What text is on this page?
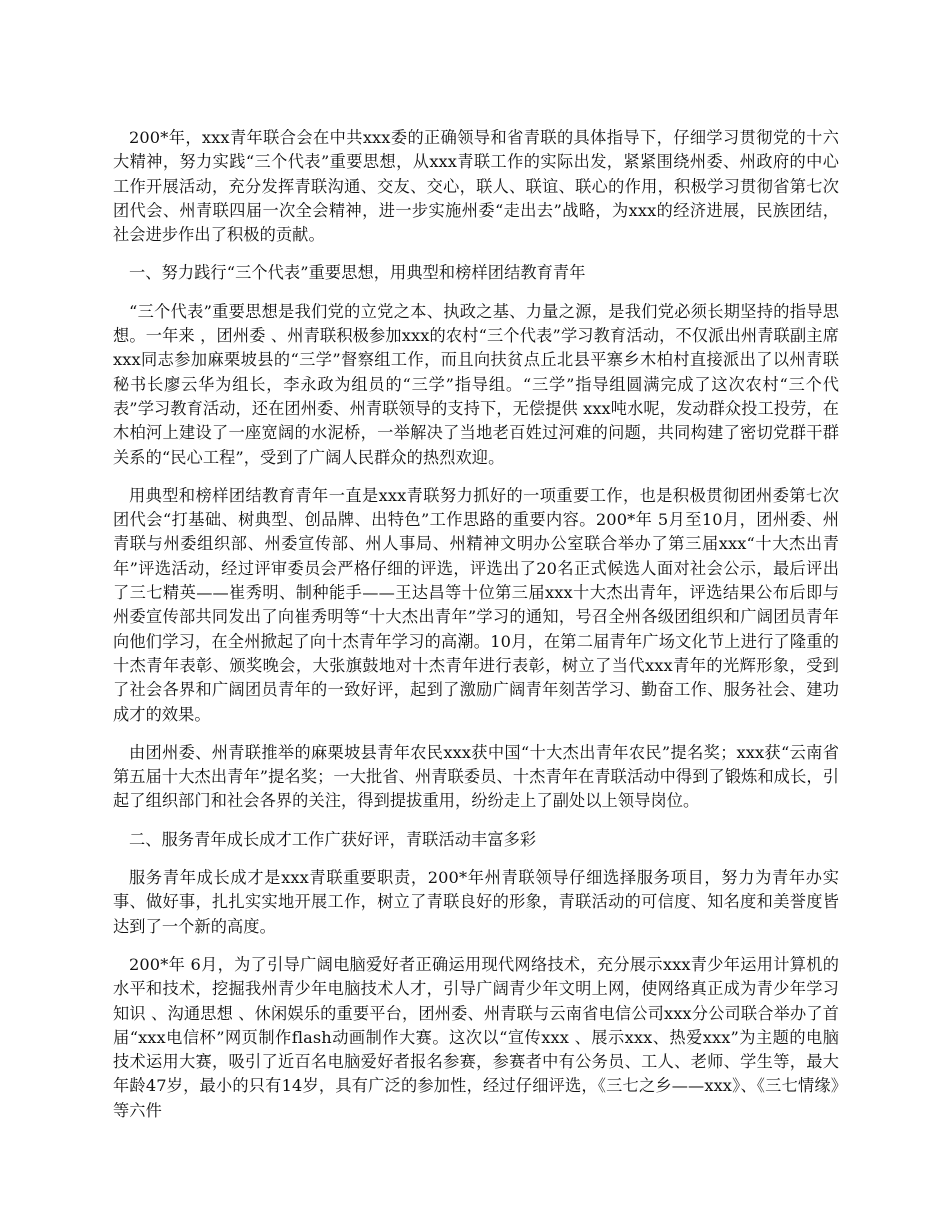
200*年，xxx青年联合会在中共xxx委的正确领导和省青联的具体指导下，仔细学习贯彻党的十六大精神，努力实践“三个代表”重要思想，从xxx青联工作的实际出发，紧紧围绕州委、州政府的中心工作开展活动，充分发挥青联沟通、交友、交心，联人、联谊、联心的作用，积极学习贯彻省第七次团代会、州青联四届一次全会精神，进一步实施州委“走出去”战略，为xxx的经济进展，民族团结，社会进步作出了积极的贡献。

一、努力践行“三个代表”重要思想，用典型和榜样团结教育青年

“三个代表”重要思想是我们党的立党之本、执政之基、力量之源，是我们党必须长期坚持的指导思想。一年来 ，团州委 、州青联积极参加xxx的农村“三个代表”学习教育活动，不仅派出州青联副主席xxx同志参加麻栗坡县的“三学”督察组工作，而且向扶贫点丘北县平寨乡木柏村直接派出了以州青联秘书长廖云华为组长，李永政为组员的“三学”指导组。“三学”指导组圆满完成了这次农村“三个代表”学习教育活动，还在团州委、州青联领导的支持下，无偿提供 xxx吨水呢，发动群众投工投劳，在木柏河上建设了一座宽阔的水泥桥，一举解决了当地老百姓过河难的问题，共同构建了密切党群干群关系的“民心工程”，受到了广阔人民群众的热烈欢迎。

用典型和榜样团结教育青年一直是xxx青联努力抓好的一项重要工作，也是积极贯彻团州委第七次团代会“打基础、树典型、创品牌、出特色”工作思路的重要内容。200*年 5月至10月，团州委、州青联与州委组织部、州委宣传部、州人事局、州精神文明办公室联合举办了第三届xxx“十大杰出青年”评选活动，经过评审委员会严格仔细的评选，评选出了20名正式候选人面对社会公示，最后评出了三七精英——崔秀明、制种能手——王达昌等十位第三届xxx十大杰出青年，评选结果公布后即与州委宣传部共同发出了向崔秀明等“十大杰出青年”学习的通知，号召全州各级团组织和广阔团员青年向他们学习，在全州掀起了向十杰青年学习的高潮。10月，在第二届青年广场文化节上进行了隆重的十杰青年表彰、颁奖晚会，大张旗鼓地对十杰青年进行表彰，树立了当代xxx青年的光辉形象，受到了社会各界和广阔团员青年的一致好评，起到了激励广阔青年刻苦学习、勤奋工作、服务社会、建功成才的效果。

由团州委、州青联推举的麻栗坡县青年农民xxx获中国“十大杰出青年农民”提名奖；xxx获“云南省第五届十大杰出青年”提名奖；一大批省、州青联委员、十杰青年在青联活动中得到了锻炼和成长，引起了组织部门和社会各界的关注，得到提拔重用，纷纷走上了副处以上领导岗位。

二、服务青年成长成才工作广获好评，青联活动丰富多彩

服务青年成长成才是xxx青联重要职责，200*年州青联领导仔细选择服务项目，努力为青年办实事、做好事，扎扎实实地开展工作，树立了青联良好的形象，青联活动的可信度、知名度和美誉度皆达到了一个新的高度。

200*年 6月，为了引导广阔电脑爱好者正确运用现代网络技术，充分展示xxx青少年运用计算机的水平和技术，挖掘我州青少年电脑技术人才，引导广阔青少年文明上网，使网络真正成为青少年学习知识 、沟通思想 、休闲娱乐的重要平台，团州委、州青联与云南省电信公司xxx分公司联合举办了首届“xxx电信杯”网页制作flash动画制作大赛。这次以“宣传xxx 、展示xxx、热爱xxx”为主题的电脑技术运用大赛，吸引了近百名电脑爱好者报名参赛，参赛者中有公务员、工人、老师、学生等，最大年龄47岁，最小的只有14岁，具有广泛的参加性，经过仔细评选，《三七之乡——xxx》、《三七情缘》等六件
